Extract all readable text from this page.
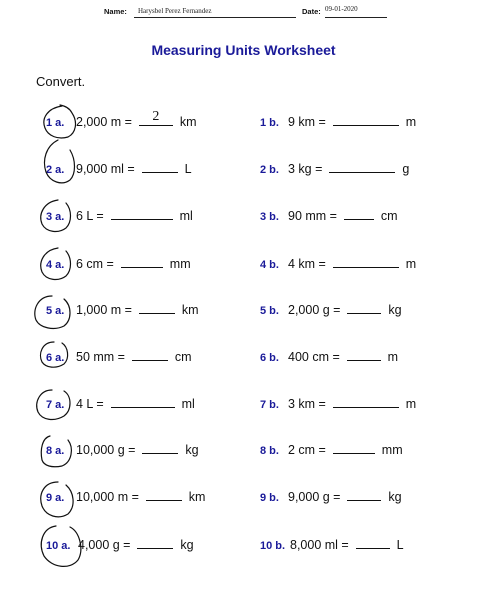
Name: Harysbel Perez Fernandez	Date: 09-01-2020
Measuring Units Worksheet
Convert.
1 a. 2,000 m =	2	km
2 a. 9,000 ml =	L
3 a. 6 L =	ml
4 a. 6 cm =	mm
5 a. 1,000 m =	km
6 a. 50 mm =	cm
7 a. 4 L =	ml
8 a. 10,000 g =	kg
9 a. 10,000 m =	km
10 a. 4,000 g =	kg
1 b. 9 km =	m
2 b. 3 kg =	g
3 b. 90 mm =	cm
4 b. 4 km =	m
5 b. 2,000 g =	kg
6 b. 400 cm =	m
7 b. 3 km =	m
8 b. 2 cm =	mm
9 b. 9,000 g =	kg
10 b. 8,000 ml =	L
